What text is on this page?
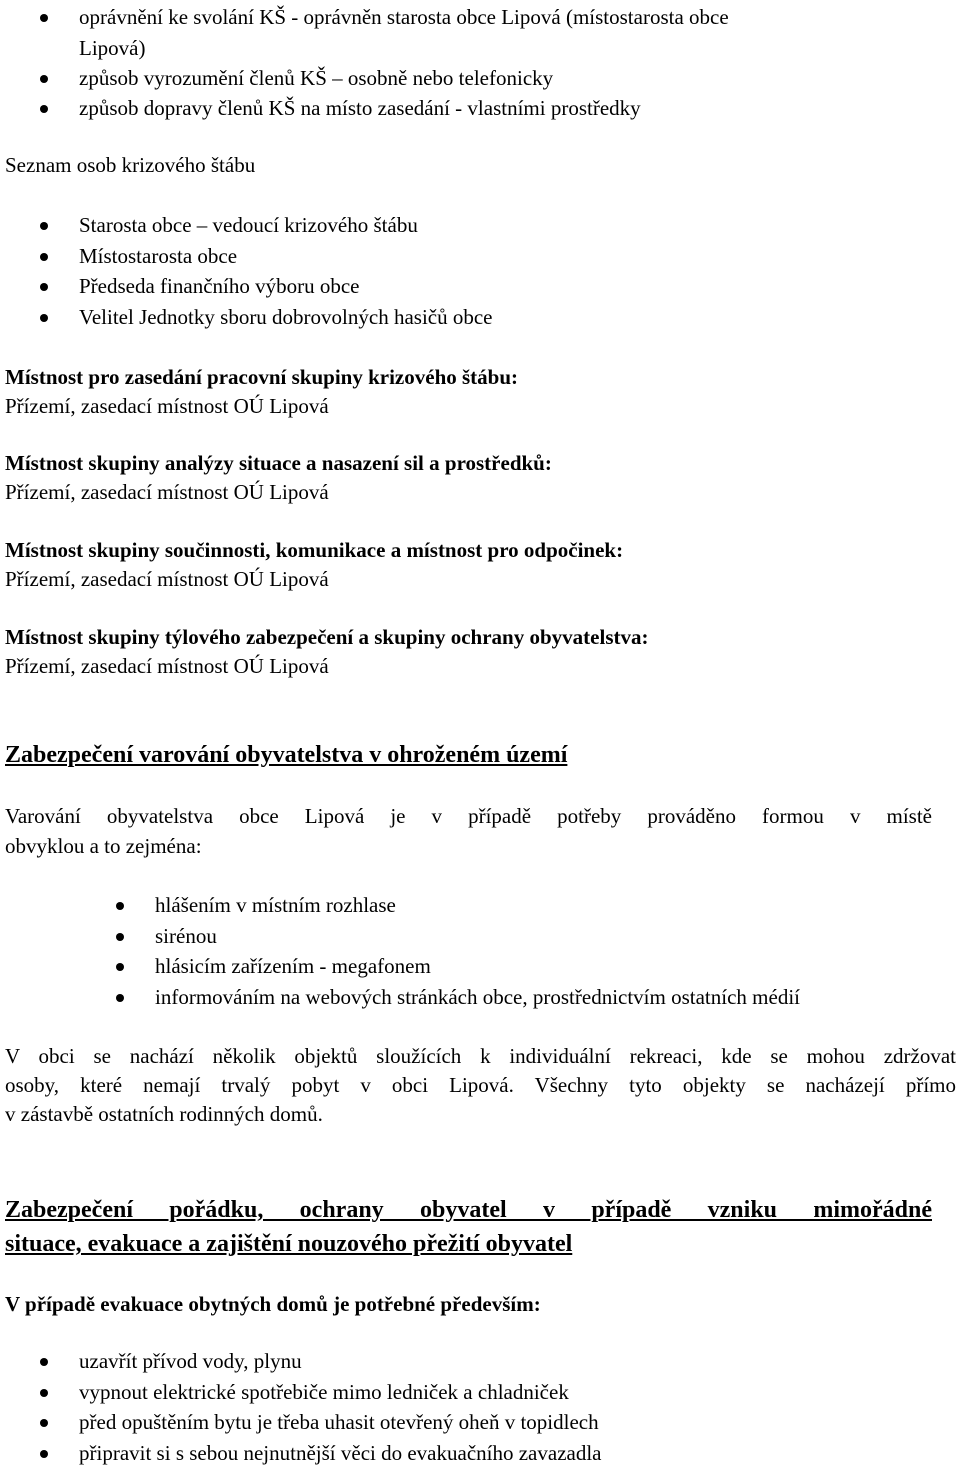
oprávnění ke svolání KŠ - oprávněn starosta obce Lipová (místostarosta obce
Lipová)
způsob vyrozumění členů KŠ – osobně nebo telefonicky
způsob dopravy členů KŠ na místo zasedání - vlastními prostředky
Seznam osob krizového štábu
Starosta obce – vedoucí krizového štábu
Místostarosta obce
Předseda finančního výboru obce
Velitel Jednotky sboru dobrovolných hasičů obce
Místnost pro zasedání pracovní skupiny krizového štábu:
Přízemí, zasedací místnost OÚ Lipová
Místnost skupiny analýzy situace a nasazení sil a prostředků:
Přízemí, zasedací místnost OÚ Lipová
Místnost skupiny součinnosti, komunikace a místnost pro odpočinek:
Přízemí, zasedací místnost OÚ Lipová
Místnost skupiny týlového zabezpečení a skupiny ochrany obyvatelstva:
Přízemí, zasedací místnost OÚ Lipová
Zabezpečení varování obyvatelstva v ohroženém území
Varování obyvatelstva obce Lipová je v případě potřeby prováděno formou v místě
obvyklou a to zejména:
hlášením v místním rozhlase
sirénou
hlásicím zařízením - megafonem
informováním na webových stránkách obce, prostřednictvím ostatních médií
V obci se nachází několik objektů sloužících k individuální rekreaci, kde se mohou zdržovat
osoby, které nemají trvalý pobyt v obci Lipová. Všechny tyto objekty se nacházejí přímo
v zástavbě ostatních rodinných domů.
Zabezpečení pořádku, ochrany obyvatel v případě vzniku mimořádné
situace, evakuace a zajištění nouzového přežití obyvatel
V případě evakuace obytných domů je potřebné především:
uzavřít přívod vody, plynu
vypnout elektrické spotřebiče mimo ledniček a chladniček
před opuštěním bytu je třeba uhasit otevřený oheň v topidlech
připravit si s sebou nejnutnější věci do evakuačního zavazadla
